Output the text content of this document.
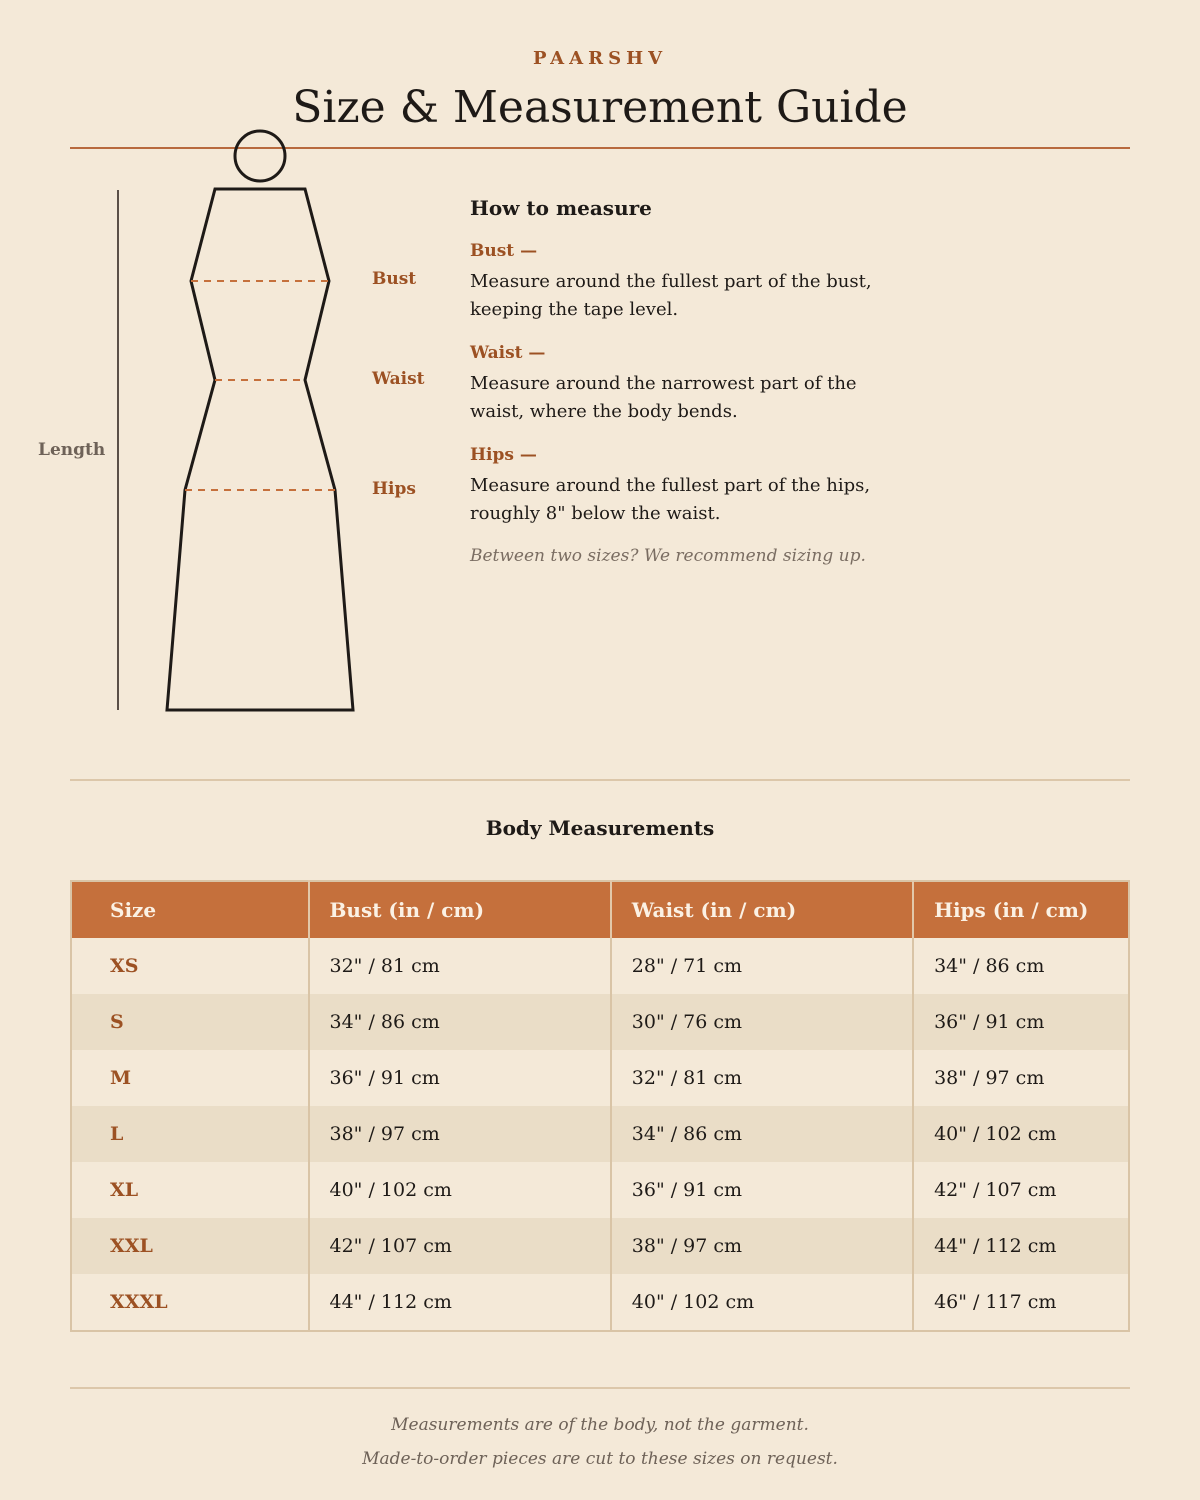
PAARSHV
Size & Measurement Guide
Length
Bust
Waist
Hips
How to measure

Bust —

Measure around the fullest part of the bust, keeping the tape level.

Waist —

Measure around the narrowest part of the waist, where the body bends.

Hips —

Measure around the fullest part of the hips, roughly 8" below the waist.

Between two sizes? We recommend sizing up.
Body Measurements
Size	Bust (in / cm)	Waist (in / cm)	Hips (in / cm)
XS	32" / 81 cm	28" / 71 cm	34" / 86 cm
S	34" / 86 cm	30" / 76 cm	36" / 91 cm
M	36" / 91 cm	32" / 81 cm	38" / 97 cm
L	38" / 97 cm	34" / 86 cm	40" / 102 cm
XL	40" / 102 cm	36" / 91 cm	42" / 107 cm
XXL	42" / 107 cm	38" / 97 cm	44" / 112 cm
XXXL	44" / 112 cm	40" / 102 cm	46" / 117 cm
Measurements are of the body, not the garment.
Made-to-order pieces are cut to these sizes on request.
